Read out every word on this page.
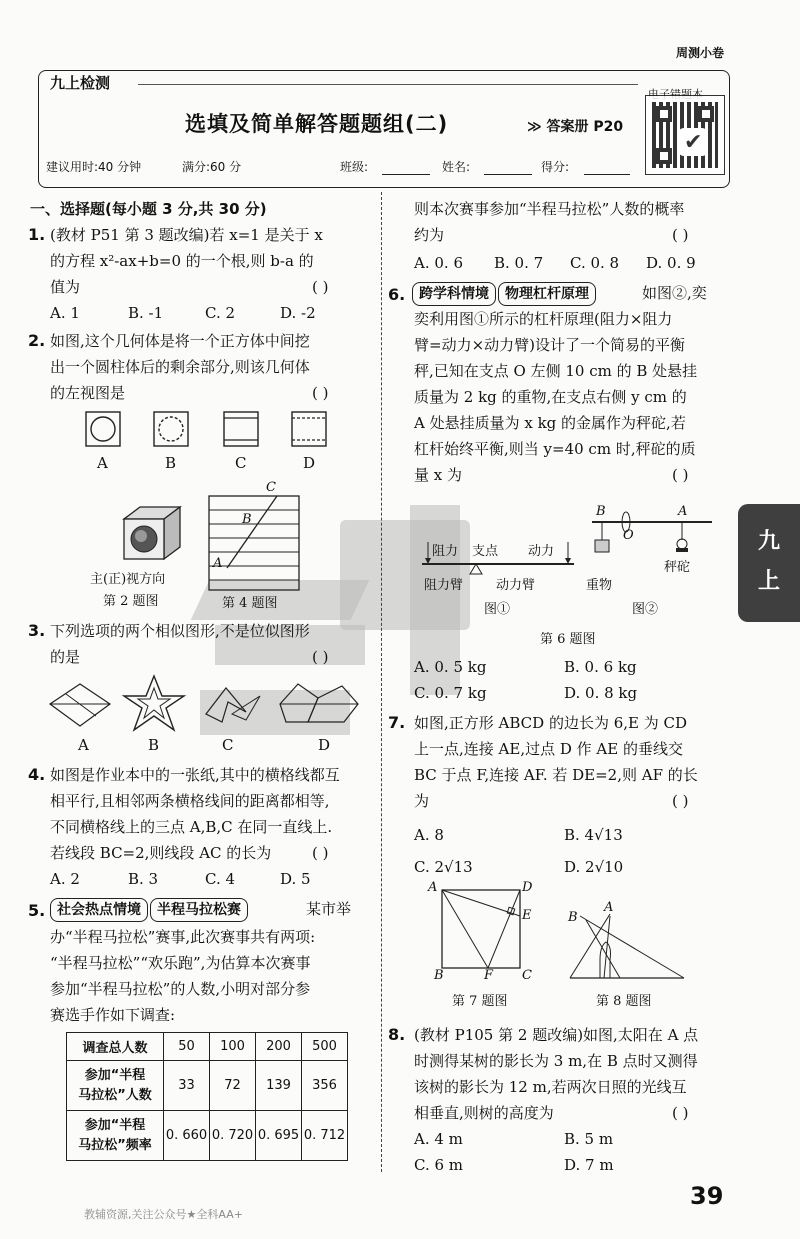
周测小卷
九上检测
选填及简单解答题题组(二)	≫ 答案册 P20
电子错题本
✔
建议用时:40 分钟	满分:60 分	班级:	姓名:	得分:
一、选择题(每小题 3 分,共 30 分)
1. (教材 P51 第 3 题改编)若 x=1 是关于 x
的方程 x²-ax+b=0 的一个根,则 b-a 的
值为	( )
A. 1	B. -1	C. 2	D. -2
2. 如图,这个几何体是将一个正方体中间挖
出一个圆柱体后的剩余部分,则该几何体
的左视图是	( )
A	B	C	D
主(正)视方向
第 2 题图
C
B
A
第 4 题图
3. 下列选项的两个相似图形,不是位似图形
的是	( )
A	B	C	D
4. 如图是作业本中的一张纸,其中的横格线都互
相平行,且相邻两条横格线间的距离都相等,
不同横格线上的三点 A,B,C 在同一直线上.
若线段 BC=2,则线段 AC 的长为	( )
A. 2	B. 3	C. 4	D. 5
5. 社会热点情境 半程马拉松赛	某市举
办“半程马拉松”赛事,此次赛事共有两项:
“半程马拉松”“欢乐跑”,为估算本次赛事
参加“半程马拉松”的人数,小明对部分参
赛选手作如下调查:
调查总人数	50	100	200	500
参加“半程
马拉松”人数	33	72	139	356
参加“半程
马拉松”频率	0. 660	0. 720	0. 695	0. 712
则本次赛事参加“半程马拉松”人数的概率
约为	( )
A. 0. 6 B. 0. 7 C. 0. 8 D. 0. 9
6. 跨学科情境 物理杠杆原理	如图②,奕
奕利用图①所示的杠杆原理(阻力×阻力
臂=动力×动力臂)设计了一个简易的平衡
秤,已知在支点 O 左侧 10 cm 的 B 处悬挂
质量为 2 kg 的重物,在支点右侧 y cm 的
A 处悬挂质量为 x kg 的金属作为秤砣,若
杠杆始终平衡,则当 y=40 cm 时,秤砣的质
量 x 为	( )
阻力 支点 动力
阻力臂	动力臂
图①
B
O
A
重物
秤砣
图②
第 6 题图
A. 0. 5 kg	B. 0. 6 kg
C. 0. 7 kg	D. 0. 8 kg
7. 如图,正方形 ABCD 的边长为 6,E 为 CD
上一点,连接 AE,过点 D 作 AE 的垂线交
BC 于点 F,连接 AF. 若 DE=2,则 AF 的长
为	( )
A. 8	B. 4√13
C. 2√13	D. 2√10
A	D
E
B	F C
第 7 题图
A
B
第 8 题图
8. (教材 P105 第 2 题改编)如图,太阳在 A 点
时测得某树的影长为 3 m,在 B 点时又测得
该树的影长为 12 m,若两次日照的光线互
相垂直,则树的高度为	( )
A. 4 m	B. 5 m
C. 6 m	D. 7 m
九
上
教辅资源,关注公众号★全科AA+
39
